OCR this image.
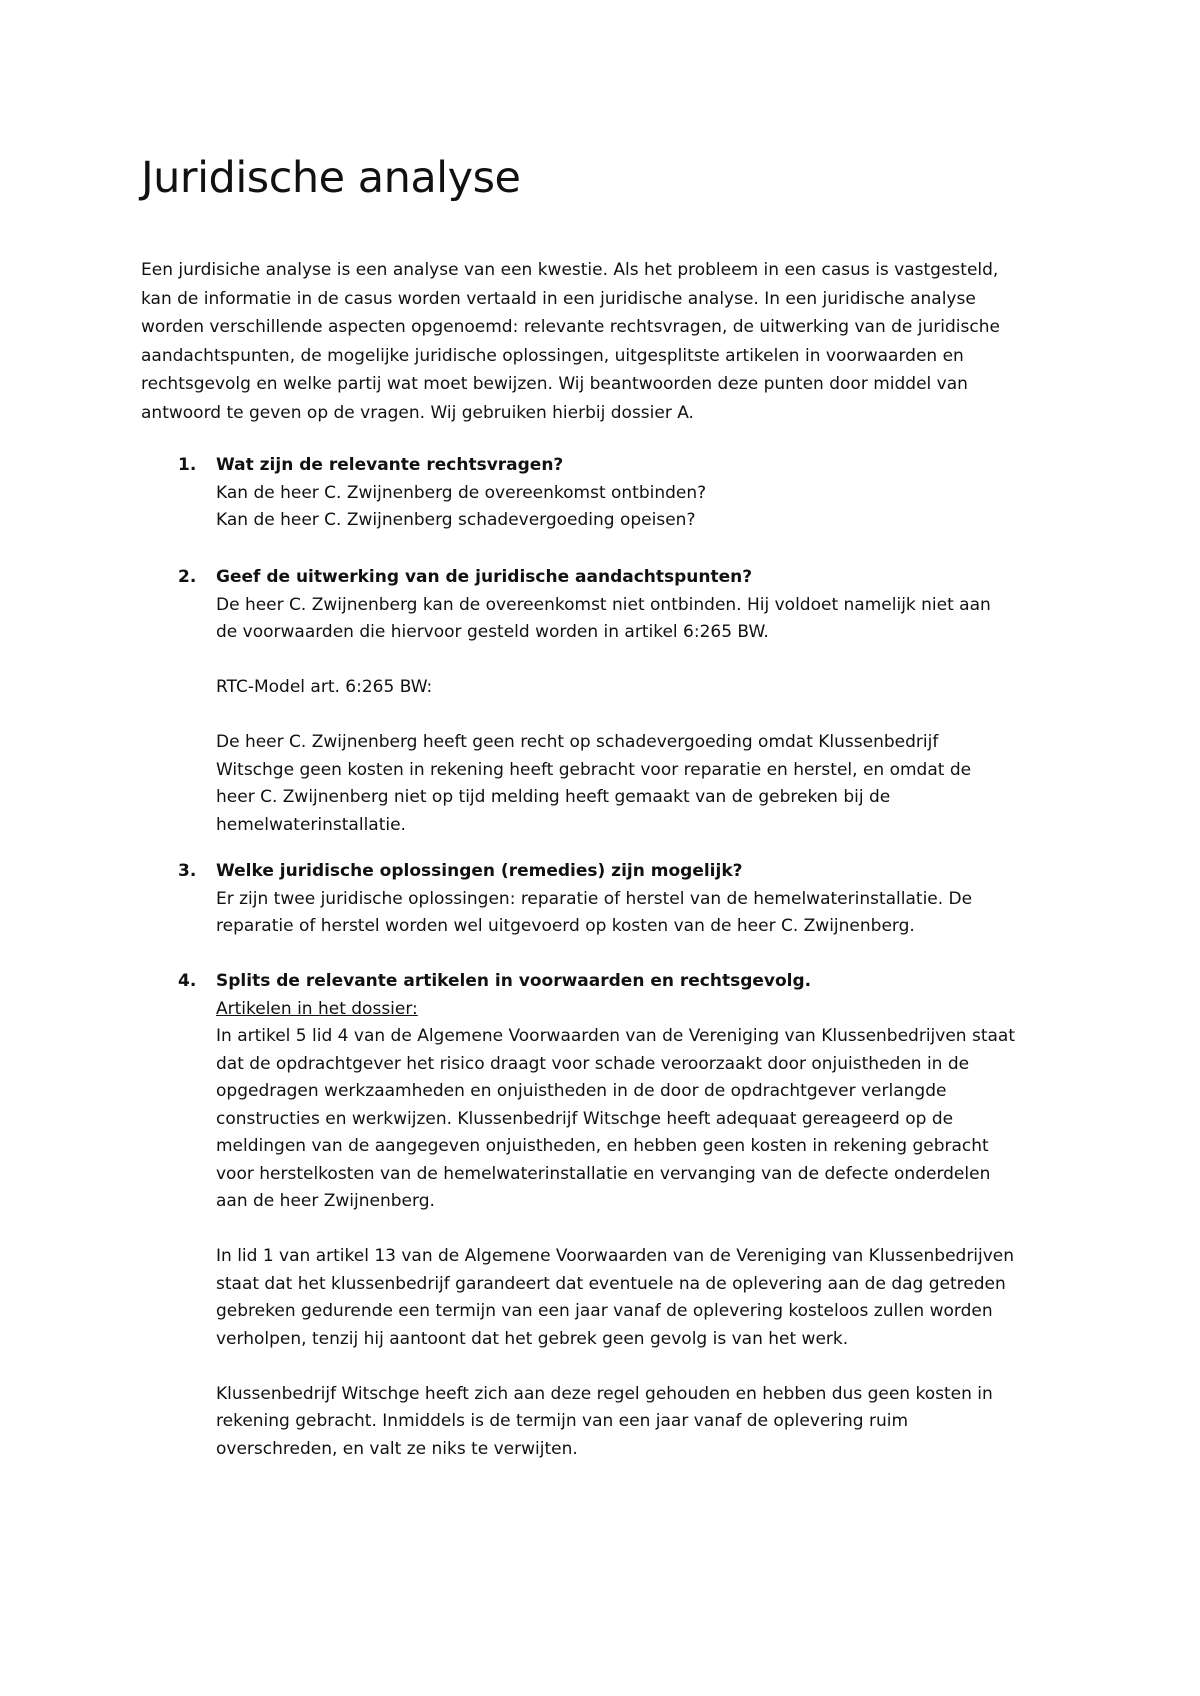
Juridische analyse

Een jurdisiche analyse is een analyse van een kwestie. Als het probleem in een casus is vastgesteld,
kan de informatie in de casus worden vertaald in een juridische analyse. In een juridische analyse
worden verschillende aspecten opgenoemd: relevante rechtsvragen, de uitwerking van de juridische
aandachtspunten, de mogelijke juridische oplossingen, uitgesplitste artikelen in voorwaarden en
rechtsgevolg en welke partij wat moet bewijzen. Wij beantwoorden deze punten door middel van
antwoord te geven op de vragen. Wij gebruiken hierbij dossier A.

1. Wat zijn de relevante rechtsvragen?
Kan de heer C. Zwijnenberg de overeenkomst ontbinden?
Kan de heer C. Zwijnenberg schadevergoeding opeisen?
2. Geef de uitwerking van de juridische aandachtspunten?
De heer C. Zwijnenberg kan de overeenkomst niet ontbinden. Hij voldoet namelijk niet aan
de voorwaarden die hiervoor gesteld worden in artikel 6:265 BW.
RTC-Model art. 6:265 BW:
De heer C. Zwijnenberg heeft geen recht op schadevergoeding omdat Klussenbedrijf
Witschge geen kosten in rekening heeft gebracht voor reparatie en herstel, en omdat de
heer C. Zwijnenberg niet op tijd melding heeft gemaakt van de gebreken bij de
hemelwaterinstallatie.
3. Welke juridische oplossingen (remedies) zijn mogelijk?
Er zijn twee juridische oplossingen: reparatie of herstel van de hemelwaterinstallatie. De
reparatie of herstel worden wel uitgevoerd op kosten van de heer C. Zwijnenberg.
4. Splits de relevante artikelen in voorwaarden en rechtsgevolg.
Artikelen in het dossier:
In artikel 5 lid 4 van de Algemene Voorwaarden van de Vereniging van Klussenbedrijven staat
dat de opdrachtgever het risico draagt voor schade veroorzaakt door onjuistheden in de
opgedragen werkzaamheden en onjuistheden in de door de opdrachtgever verlangde
constructies en werkwijzen. Klussenbedrijf Witschge heeft adequaat gereageerd op de
meldingen van de aangegeven onjuistheden, en hebben geen kosten in rekening gebracht
voor herstelkosten van de hemelwaterinstallatie en vervanging van de defecte onderdelen
aan de heer Zwijnenberg.
In lid 1 van artikel 13 van de Algemene Voorwaarden van de Vereniging van Klussenbedrijven
staat dat het klussenbedrijf garandeert dat eventuele na de oplevering aan de dag getreden
gebreken gedurende een termijn van een jaar vanaf de oplevering kosteloos zullen worden
verholpen, tenzij hij aantoont dat het gebrek geen gevolg is van het werk.
Klussenbedrijf Witschge heeft zich aan deze regel gehouden en hebben dus geen kosten in
rekening gebracht. Inmiddels is de termijn van een jaar vanaf de oplevering ruim
overschreden, en valt ze niks te verwijten.
